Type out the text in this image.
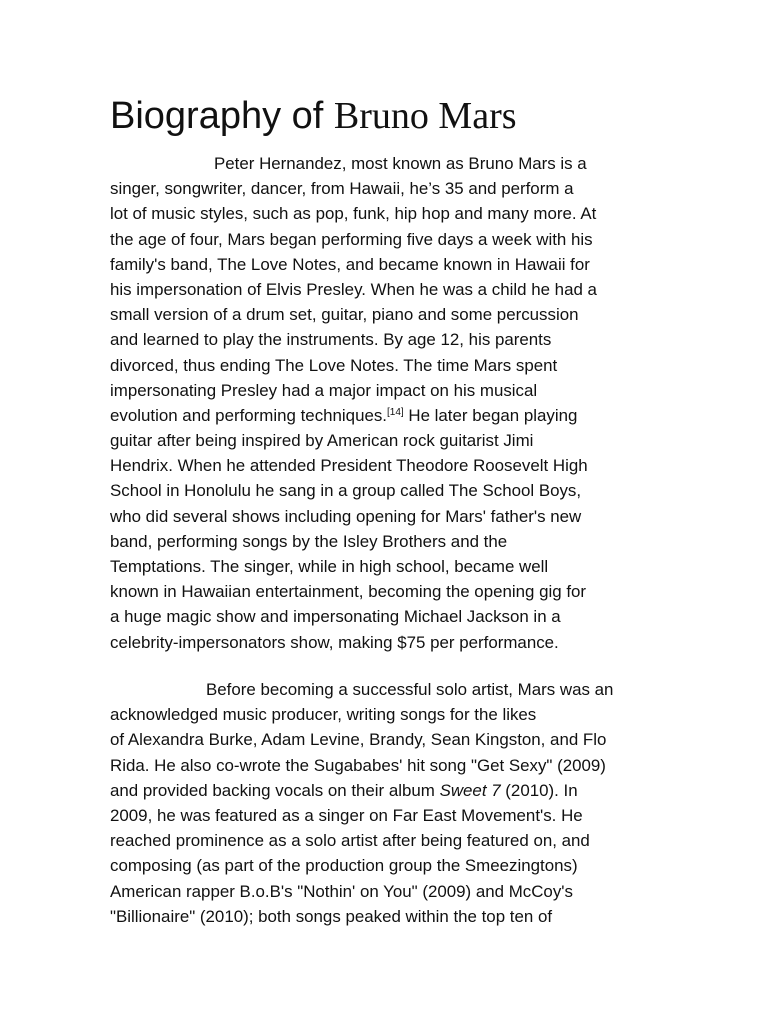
Biography of Bruno Mars

Peter Hernandez, most known as Bruno Mars is a
singer, songwriter, dancer, from Hawaii, he’s 35 and perform a
lot of music styles, such as pop, funk, hip hop and many more. At
the age of four, Mars began performing five days a week with his
family's band, The Love Notes, and became known in Hawaii for
his impersonation of Elvis Presley. When he was a child he had a
small version of a drum set, guitar, piano and some percussion
and learned to play the instruments. By age 12, his parents
divorced, thus ending The Love Notes. The time Mars spent
impersonating Presley had a major impact on his musical
evolution and performing techniques.[14] He later began playing
guitar after being inspired by American rock guitarist Jimi
Hendrix. When he attended President Theodore Roosevelt High
School in Honolulu he sang in a group called The School Boys,
who did several shows including opening for Mars' father's new
band, performing songs by the Isley Brothers and the
Temptations. The singer, while in high school, became well
known in Hawaiian entertainment, becoming the opening gig for
a huge magic show and impersonating Michael Jackson in a
celebrity-impersonators show, making $75 per performance.

Before becoming a successful solo artist, Mars was an
acknowledged music producer, writing songs for the likes
of Alexandra Burke, Adam Levine, Brandy, Sean Kingston, and Flo
Rida. He also co-wrote the Sugababes' hit song "Get Sexy" (2009)
and provided backing vocals on their album Sweet 7 (2010). In
2009, he was featured as a singer on Far East Movement's. He
reached prominence as a solo artist after being featured on, and
composing (as part of the production group the Smeezingtons)
American rapper B.o.B's "Nothin' on You" (2009) and McCoy's
"Billionaire" (2010); both songs peaked within the top ten of
